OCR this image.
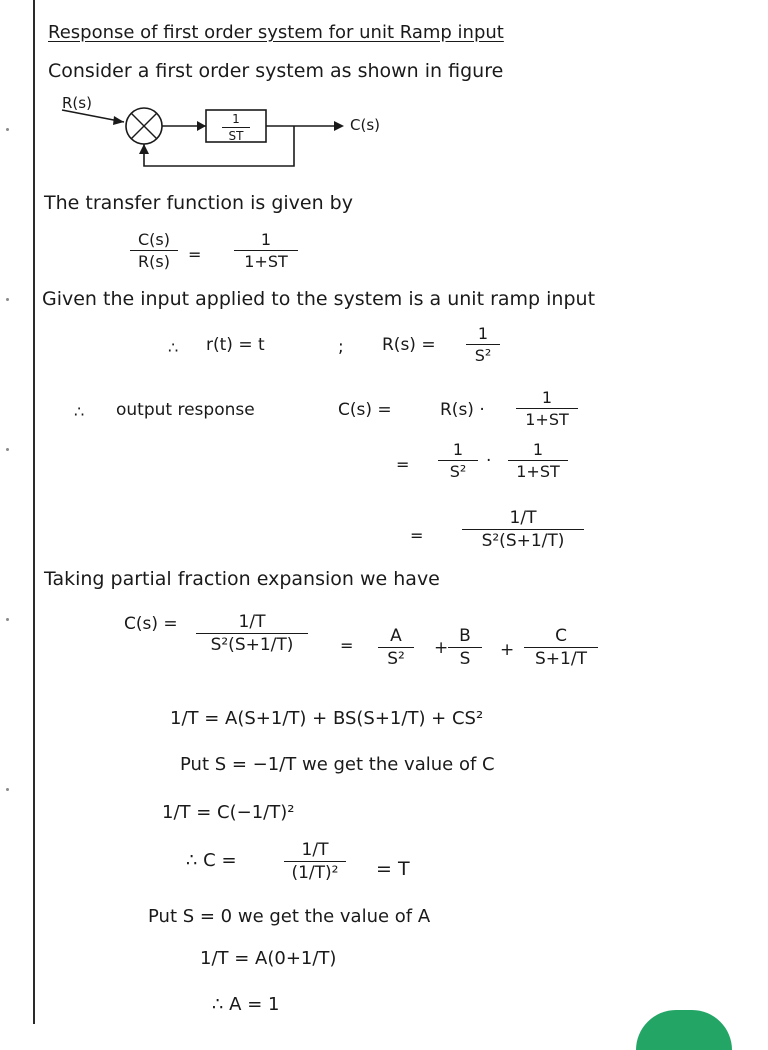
Response of first order system for unit Ramp input
Consider a first order system as shown in figure
R(s)
C(s)
1
ST
The transfer function is given by
C(s)
R(s) =
1
1+ST
Given the input applied to the system is a unit ramp input
∴ r(t) = t	; R(s) =
1
S²
∴ output response	C(s) =	R(s) ·
1
1+ST
=
1
S²
·
1
1+ST
=
1/T
S²(S+1/T)
Taking partial fraction expansion we have
C(s) =	1/T
S²(S+1/T)	= A
S²
+
B
S +
C
S+1/T
1/T = A(S+1/T) + BS(S+1/T) + CS²
Put S = −1/T we get the value of C
1/T = C(−1/T)²
∴ C =	1/T
(1/T)² = T
Put S = 0 we get the value of A
1/T = A(0+1/T)
∴ A = 1
